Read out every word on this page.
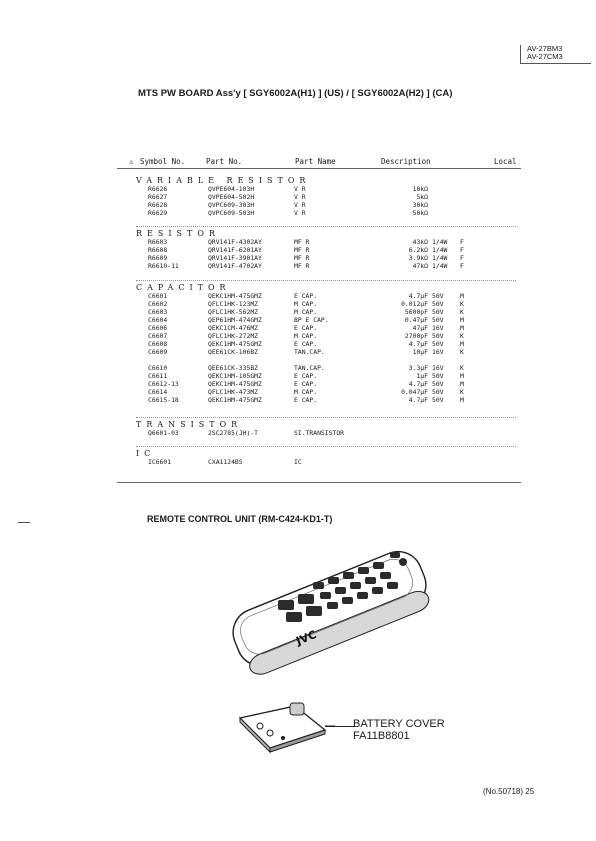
AV-27BM3
AV-27CM3
MTS PW BOARD Ass'y [ SGY6002A(H1) ] (US) / [ SGY6002A(H2) ] (CA)
⚠ Symbol No.	Part No.	Part Name	Description	Local
VARIABLE RESISTOR
R6626	QVPE604-103H	V R	10kΩ
R6627	QVPE604-502H	V R	5kΩ
R6628	QVPC609-303H	V R	30kΩ
R6629	QVPC609-503H	V R	50kΩ
RESISTOR
R6603	QRV141F-4302AY	MF R	43kΩ 1/4W F
R6608	QRV141F-6201AY	MF R	6.2kΩ 1/4W F
R6609	QRV141F-3901AY	MF R	3.9kΩ 1/4W F
R6610-11	QRV141F-4702AY	MF R	47kΩ 1/4W F
CAPACITOR
C6601	QEKC1HM-475GMZ	E CAP.	4.7μF 50V	M
C6602	QFLC1HK-123MZ	M CAP.	0.012μF 50V	K
C6603	QFLC1HK-562MZ	M CAP.	5600pF 50V	K
C6604	QEP61HM-474GMZ	BP E CAP.	0.47μF 50V	M
C6606	QEKC1CM-476MZ	E CAP.	47μF 16V	M
C6607	QFLC1HK-272MZ	M CAP.	2700pF 50V	K
C6608	QEKC1HM-475GMZ	E CAP.	4.7μF 50V	M
C6609	QEE61CK-106BZ	TAN.CAP.	10μF 16V	K
C6610	QEE61CK-335BZ	TAN.CAP.	3.3μF 16V	K
C6611	QEKC1HM-105GMZ	E CAP.	1μF 50V	M
C6612-13	QEKC1HM-475GMZ	E CAP.	4.7μF 50V	M
C6614	QFLC1HK-473MZ	M CAP.	0.047μF 50V	K
C6615-18	QEKC1HM-475GMZ	E CAP.	4.7μF 50V	M
TRANSISTOR
Q6601-03	2SC2785(JH)-T	SI.TRANSISTOR
IC
IC6601	CXA1124BS	IC
REMOTE CONTROL UNIT (RM-C424-KD1-T)
JVC
BATTERY COVER
FA11B8801
(No.50718) 25
